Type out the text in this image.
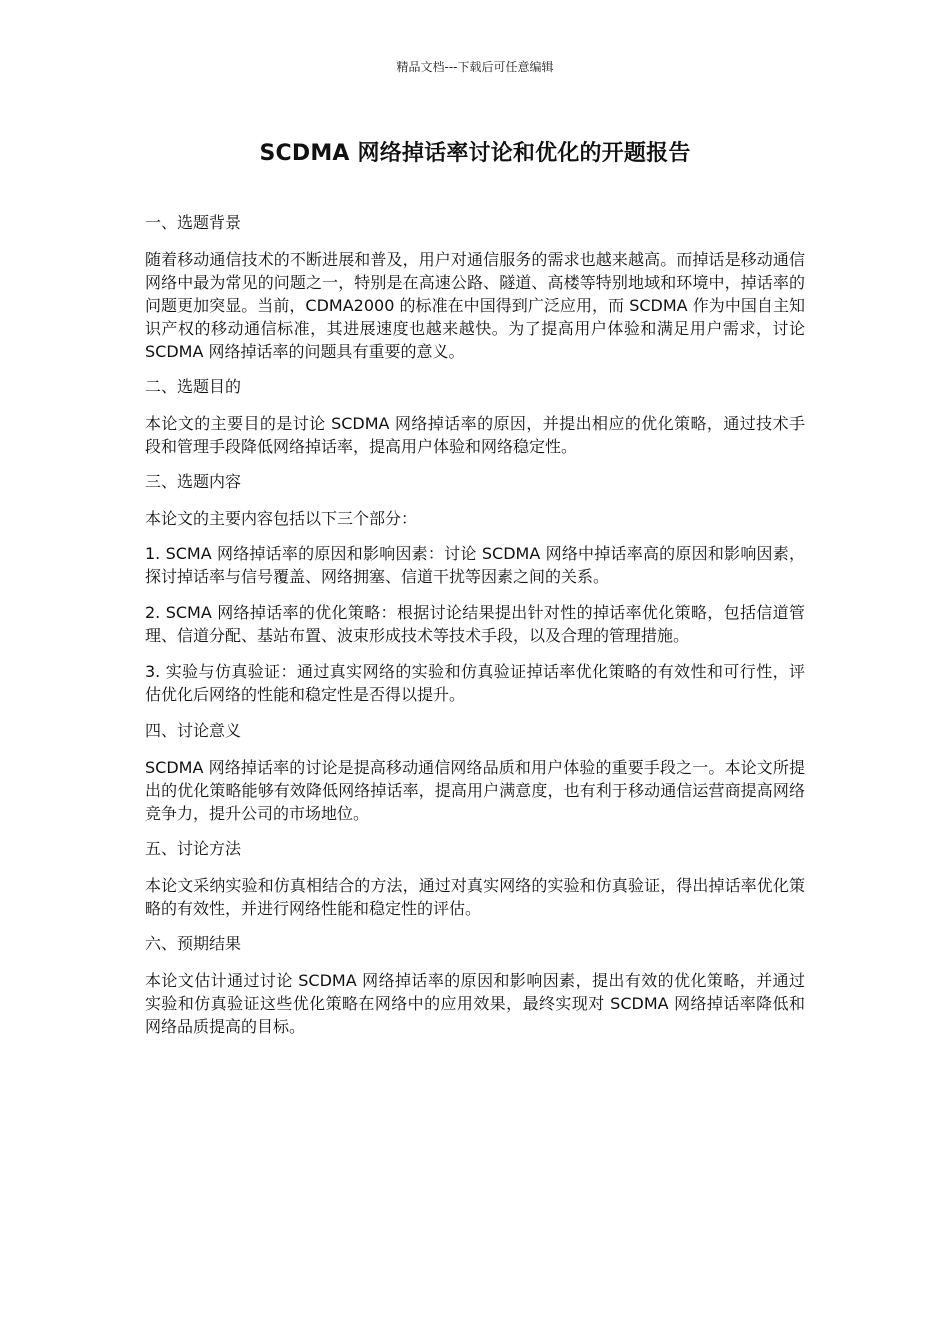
精品文档---下载后可任意编辑
SCDMA 网络掉话率讨论和优化的开题报告
一、选题背景
随着移动通信技术的不断进展和普及，用户对通信服务的需求也越来越高。而掉话是移动通信网络中最为常见的问题之一，特别是在高速公路、隧道、高楼等特别地域和环境中，掉话率的问题更加突显。当前，CDMA2000 的标准在中国得到广泛应用，而 SCDMA 作为中国自主知识产权的移动通信标准，其进展速度也越来越快。为了提高用户体验和满足用户需求，讨论 SCDMA 网络掉话率的问题具有重要的意义。
二、选题目的
本论文的主要目的是讨论 SCDMA 网络掉话率的原因，并提出相应的优化策略，通过技术手段和管理手段降低网络掉话率，提高用户体验和网络稳定性。
三、选题内容
本论文的主要内容包括以下三个部分：
1. SCMA 网络掉话率的原因和影响因素：讨论 SCDMA 网络中掉话率高的原因和影响因素，探讨掉话率与信号覆盖、网络拥塞、信道干扰等因素之间的关系。
2. SCMA 网络掉话率的优化策略：根据讨论结果提出针对性的掉话率优化策略，包括信道管理、信道分配、基站布置、波束形成技术等技术手段，以及合理的管理措施。
3. 实验与仿真验证：通过真实网络的实验和仿真验证掉话率优化策略的有效性和可行性，评估优化后网络的性能和稳定性是否得以提升。
四、讨论意义
SCDMA 网络掉话率的讨论是提高移动通信网络品质和用户体验的重要手段之一。本论文所提出的优化策略能够有效降低网络掉话率，提高用户满意度，也有利于移动通信运营商提高网络竞争力，提升公司的市场地位。
五、讨论方法
本论文采纳实验和仿真相结合的方法，通过对真实网络的实验和仿真验证，得出掉话率优化策略的有效性，并进行网络性能和稳定性的评估。
六、预期结果
本论文估计通过讨论 SCDMA 网络掉话率的原因和影响因素，提出有效的优化策略，并通过实验和仿真验证这些优化策略在网络中的应用效果，最终实现对 SCDMA 网络掉话率降低和网络品质提高的目标。
